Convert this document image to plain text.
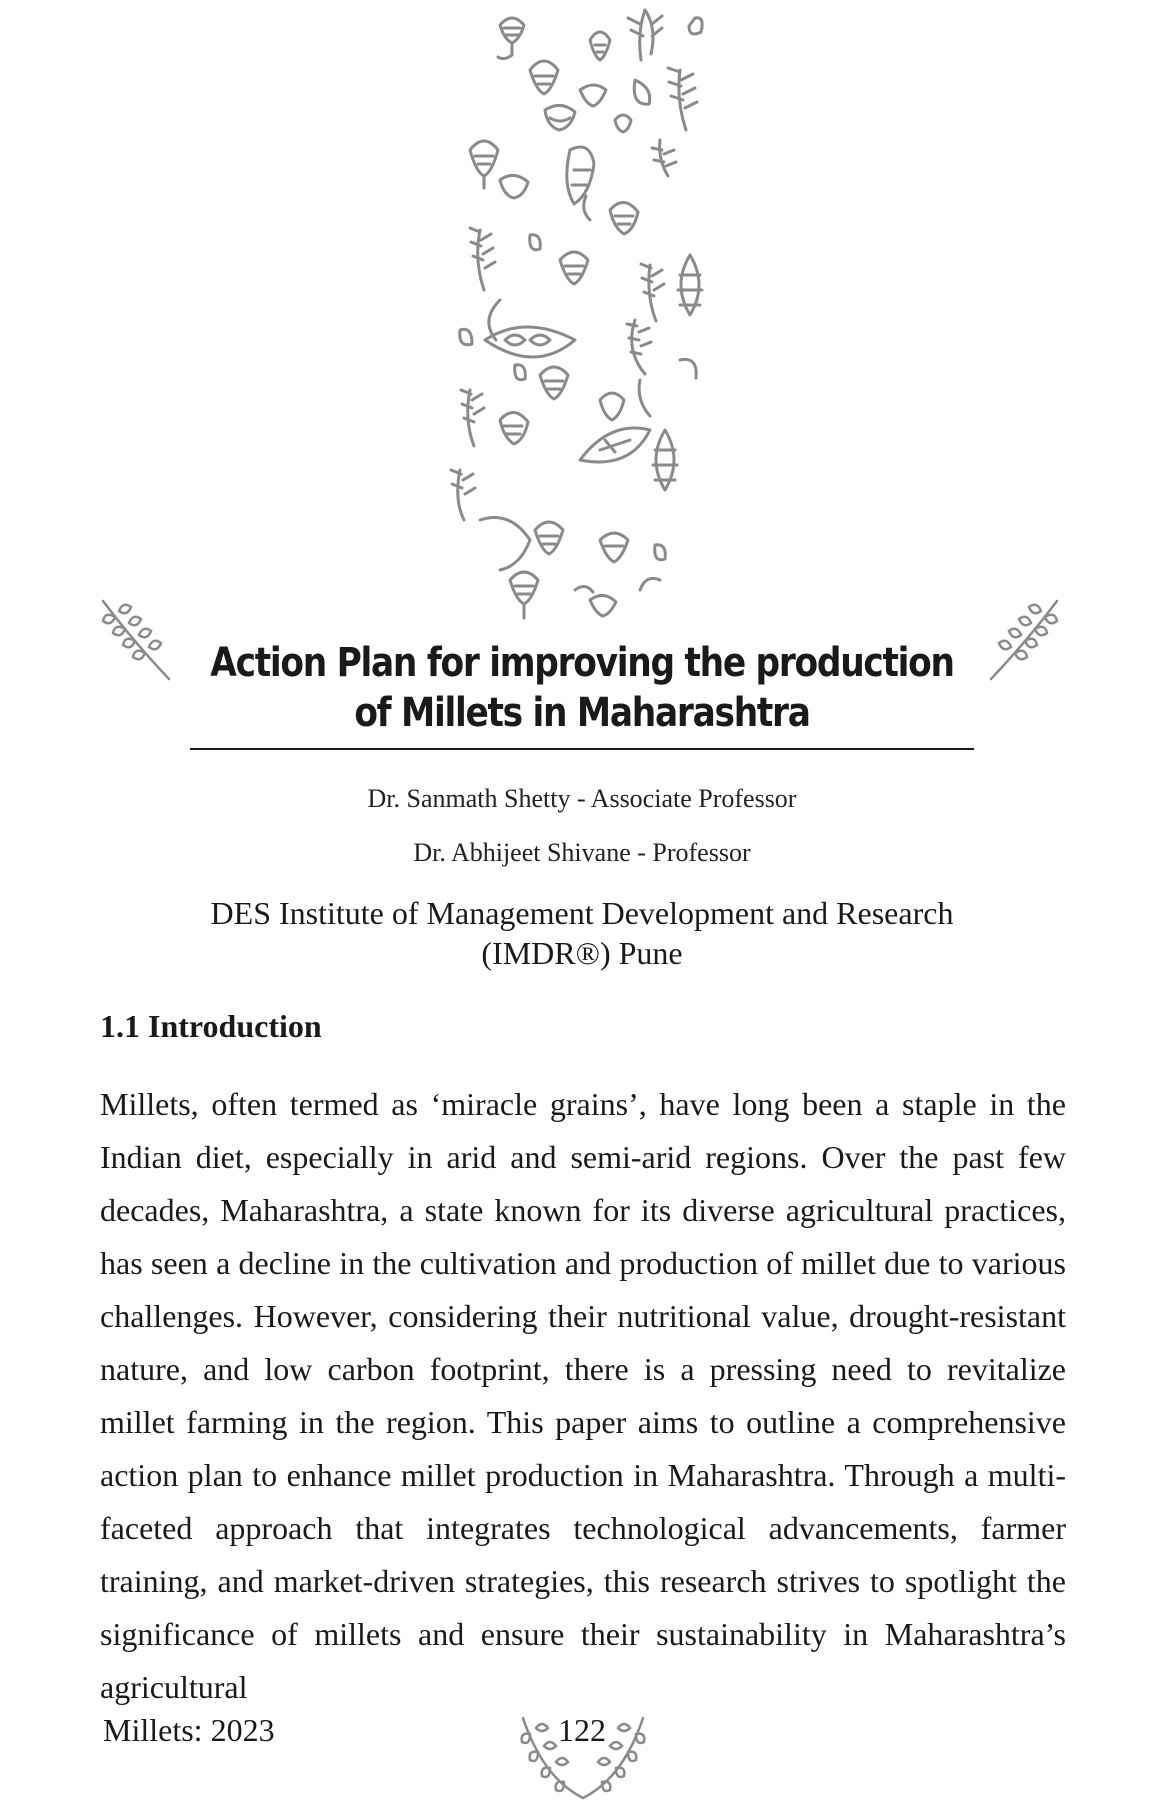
Action Plan for improving the production
of Millets in Maharashtra
Dr. Sanmath Shetty - Associate Professor
Dr. Abhijeet Shivane - Professor
DES Institute of Management Development and Research
(IMDR®) Pune
1.1 Introduction
Millets, often termed as ‘miracle grains’, have long been a staple in the Indian diet, especially in arid and semi-arid regions. Over the past few decades, Maharashtra, a state known for its diverse agricultural practices, has seen a decline in the cultivation and production of millet due to various challenges. However, considering their nutritional value, drought-resistant nature, and low carbon footprint, there is a pressing need to revitalize millet farming in the region. This paper aims to outline a comprehensive action plan to enhance millet production in Maharashtra. Through a multi-faceted approach that integrates technological advancements, farmer training, and market-driven strategies, this research strives to spotlight the significance of millets and ensure their sustainability in Maharashtra’s agricultural
Millets: 2023	122
